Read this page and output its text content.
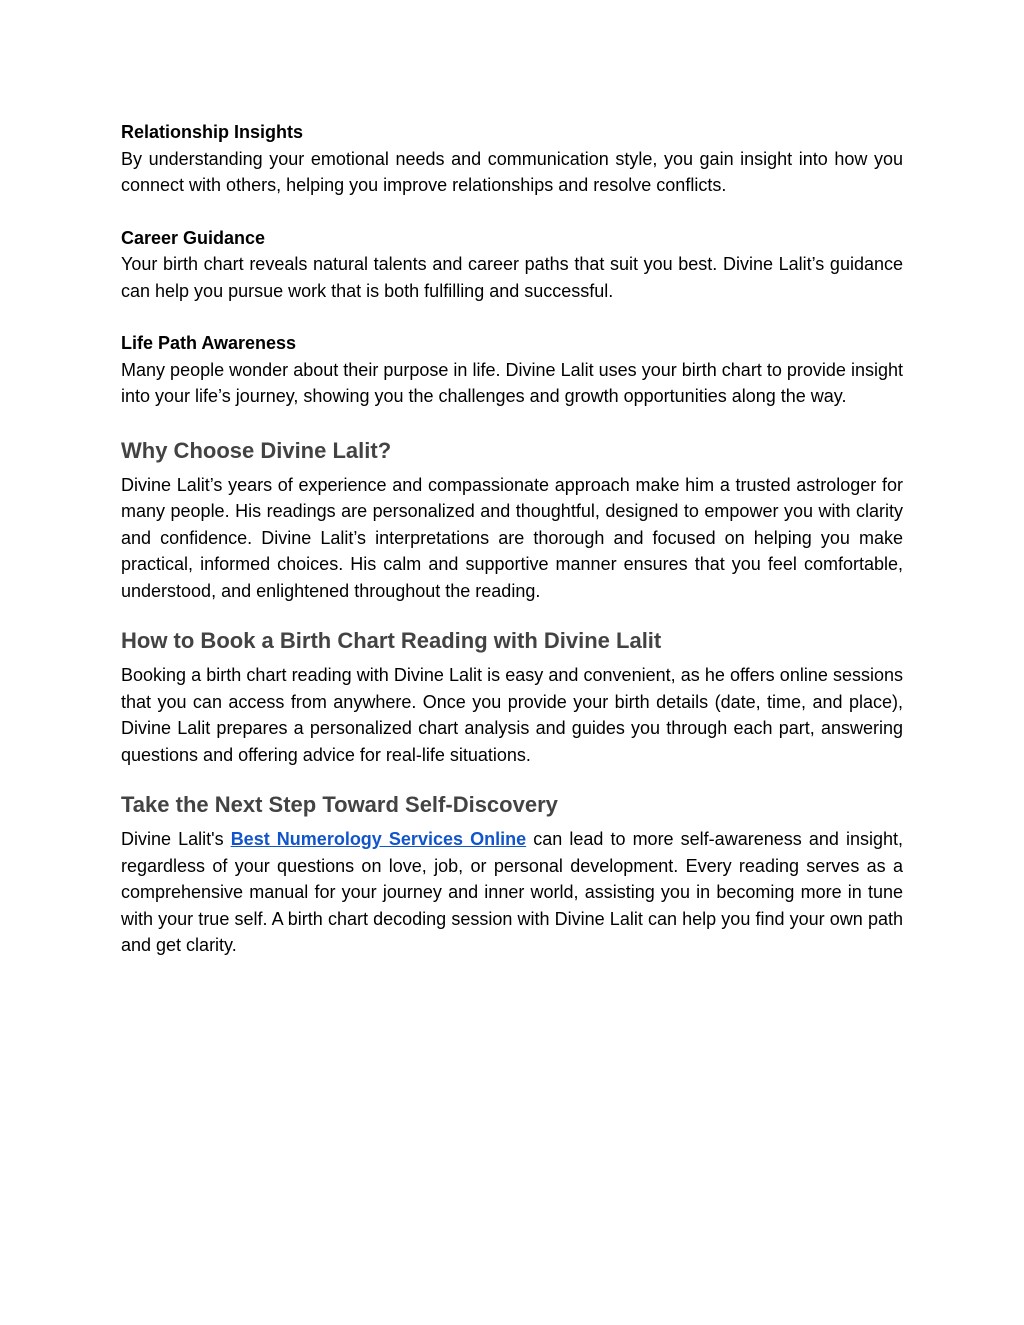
Relationship Insights

By understanding your emotional needs and communication style, you gain insight into how you connect with others, helping you improve relationships and resolve conflicts.

Career Guidance

Your birth chart reveals natural talents and career paths that suit you best. Divine Lalit’s guidance can help you pursue work that is both fulfilling and successful.

Life Path Awareness

Many people wonder about their purpose in life. Divine Lalit uses your birth chart to provide insight into your life’s journey, showing you the challenges and growth opportunities along the way.

Why Choose Divine Lalit?

Divine Lalit’s years of experience and compassionate approach make him a trusted astrologer for many people. His readings are personalized and thoughtful, designed to empower you with clarity and confidence. Divine Lalit’s interpretations are thorough and focused on helping you make practical, informed choices. His calm and supportive manner ensures that you feel comfortable, understood, and enlightened throughout the reading.

How to Book a Birth Chart Reading with Divine Lalit

Booking a birth chart reading with Divine Lalit is easy and convenient, as he offers online sessions that you can access from anywhere. Once you provide your birth details (date, time, and place), Divine Lalit prepares a personalized chart analysis and guides you through each part, answering questions and offering advice for real-life situations.

Take the Next Step Toward Self-Discovery

Divine Lalit's Best Numerology Services Online can lead to more self-awareness and insight, regardless of your questions on love, job, or personal development. Every reading serves as a comprehensive manual for your journey and inner world, assisting you in becoming more in tune with your true self. A birth chart decoding session with Divine Lalit can help you find your own path and get clarity.
